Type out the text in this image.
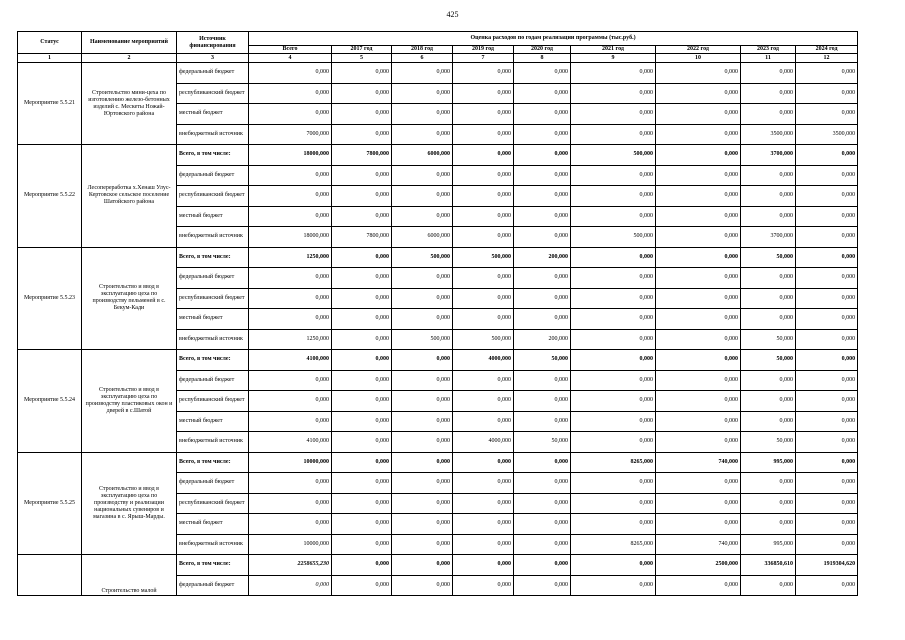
425
Статус	Наименование мероприятий	Источник финансирования	Оценка расходов по годам реализации программы (тыс.руб.)								
			Всего	2017 год	2018 год	2019 год	2020 год	2021 год	2022 год	2023 год	2024 год
1	2	3	4	5	6	7	8	9	10	11	12
Мероприятие 5.5.21	Строительство мини-цеха по изготовлению железо-бетонных изделий с. Мескеты Ножай-Юртовского района	федеральный бюджет	0,000	0,000	0,000	0,000	0,000	0,000	0,000	0,000	0,000
		республиканский бюджет	0,000	0,000	0,000	0,000	0,000	0,000	0,000	0,000	0,000
		местный бюджет	0,000	0,000	0,000	0,000	0,000	0,000	0,000	0,000	0,000
		внебюджетный источник	7000,000	0,000	0,000	0,000	0,000	0,000	0,000	3500,000	3500,000
Мероприятие 5.5.22	Лесопереработка х.Хенаш Улус-Кертовское сельское поселение Шатойского района	Всего, в том числе:	18000,000	7800,000	6000,000	0,000	0,000	500,000	0,000	3700,000	0,000
		федеральный бюджет	0,000	0,000	0,000	0,000	0,000	0,000	0,000	0,000	0,000
		республиканский бюджет	0,000	0,000	0,000	0,000	0,000	0,000	0,000	0,000	0,000
		местный бюджет	0,000	0,000	0,000	0,000	0,000	0,000	0,000	0,000	0,000
		внебюджетный источник	18000,000	7800,000	6000,000	0,000	0,000	500,000	0,000	3700,000	0,000
Мероприятие 5.5.23	Строительство и ввод в эксплуатацию цеха по производству пельменей в с. Бекум-Кади	Всего, в том числе:	1250,000	0,000	500,000	500,000	200,000	0,000	0,000	50,000	0,000
		федеральный бюджет	0,000	0,000	0,000	0,000	0,000	0,000	0,000	0,000	0,000
		республиканский бюджет	0,000	0,000	0,000	0,000	0,000	0,000	0,000	0,000	0,000
		местный бюджет	0,000	0,000	0,000	0,000	0,000	0,000	0,000	0,000	0,000
		внебюджетный источник	1250,000	0,000	500,000	500,000	200,000	0,000	0,000	50,000	0,000
Мероприятие 5.5.24	Строительство и ввод в эксплуатацию цеха по производству пластиковых окон и дверей в с.Шатой	Всего, в том числе:	4100,000	0,000	0,000	4000,000	50,000	0,000	0,000	50,000	0,000
		федеральный бюджет	0,000	0,000	0,000	0,000	0,000	0,000	0,000	0,000	0,000
		республиканский бюджет	0,000	0,000	0,000	0,000	0,000	0,000	0,000	0,000	0,000
		местный бюджет	0,000	0,000	0,000	0,000	0,000	0,000	0,000	0,000	0,000
		внебюджетный источник	4100,000	0,000	0,000	4000,000	50,000	0,000	0,000	50,000	0,000
Мероприятие 5.5.25	Строительство и ввод в эксплуатацию цеха по производству и реализации национальных сувениров и магазина в с. Ярыш-Марды.	Всего, в том числе:	10000,000	0,000	0,000	0,000	0,000	8265,000	740,000	995,000	0,000
		федеральный бюджет	0,000	0,000	0,000	0,000	0,000	0,000	0,000	0,000	0,000
		республиканский бюджет	0,000	0,000	0,000	0,000	0,000	0,000	0,000	0,000	0,000
		местный бюджет	0,000	0,000	0,000	0,000	0,000	0,000	0,000	0,000	0,000
		внебюджетный источник	10000,000	0,000	0,000	0,000	0,000	8265,000	740,000	995,000	0,000
	Строительство малой	Всего, в том числе:	2258655,230	0,000	0,000	0,000	0,000	0,000	2500,000	336850,610	1919304,620
		федеральный бюджет	0,000	0,000	0,000	0,000	0,000	0,000	0,000	0,000	0,000
